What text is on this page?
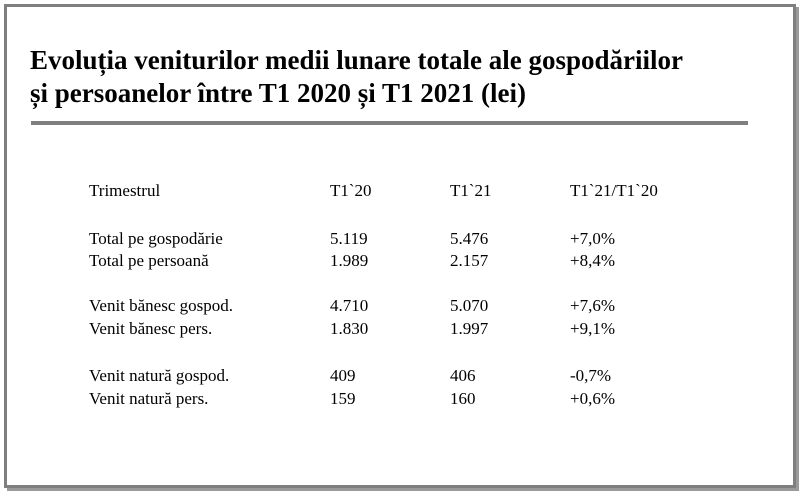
Evoluția veniturilor medii lunare totale ale gospodăriilor
și persoanelor între T1 2020 și T1 2021 (lei)
Trimestrul	T1`20	T1`21	T1`21/T1`20
Total pe gospodărie	5.119	5.476	+7,0%
Total pe persoană	1.989	2.157	+8,4%
Venit bănesc gospod.	4.710	5.070	+7,6%
Venit bănesc pers.	1.830	1.997	+9,1%
Venit natură gospod.	409	406	-0,7%
Venit natură pers.	159	160	+0,6%
